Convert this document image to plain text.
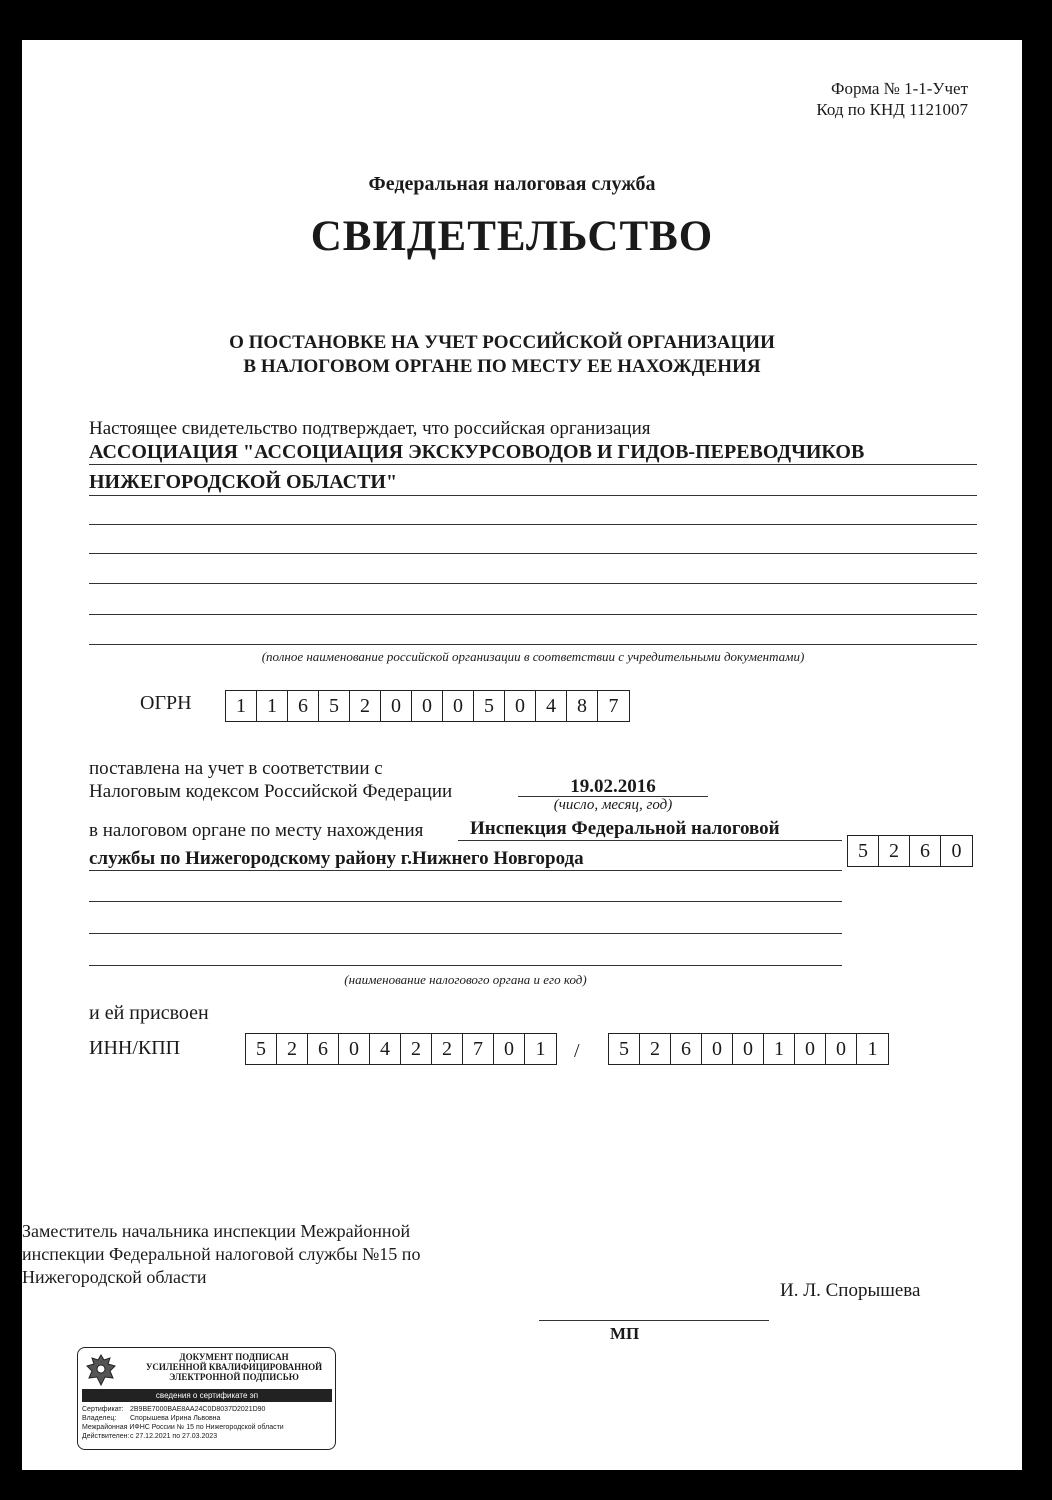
Форма № 1-1-Учет
Код по КНД 1121007
Федеральная налоговая служба
СВИДЕТЕЛЬСТВО
О ПОСТАНОВКЕ НА УЧЕТ РОССИЙСКОЙ ОРГАНИЗАЦИИ
В НАЛОГОВОМ ОРГАНЕ ПО МЕСТУ ЕЕ НАХОЖДЕНИЯ
Настоящее свидетельство подтверждает, что российская организация
АССОЦИАЦИЯ "АССОЦИАЦИЯ ЭКСКУРСОВОДОВ И ГИДОВ-ПЕРЕВОДЧИКОВ
НИЖЕГОРОДСКОЙ ОБЛАСТИ"
(полное наименование российской организации в соответствии с учредительными документами)
ОГРН	1	1	6	5	2	0	0	0	5	0	4	8	7
поставлена на учет в соответствии с
Налоговым кодексом Российской Федерации	19.02.2016
(число, месяц, год)
в налоговом органе по месту нахождения Инспекция Федеральной налоговой
службы по Нижегородскому району г.Нижнего Новгорода	5	2	6	0
(наименование налогового органа и его код)
и ей присвоен
ИНН/КПП	5	2	6	0	4	2	2	7	0	1	/	5	2	6	0	0	1	0	0	1
Заместитель начальника инспекции Межрайонной
инспекции Федеральной налоговой службы №15 по
Нижегородской области
И. Л. Спорышева
МП
ДОКУМЕНТ ПОДПИСАН
УСИЛЕННОЙ КВАЛИФИЦИРОВАННОЙ
ЭЛЕКТРОННОЙ ПОДПИСЬЮ
сведения о сертификате эп
Сертификат: 2B9BE7000BAE8AA24C0D8037D2021D90
Владелец: Спорышева Ирина Львовна
Межрайонная ИФНС России № 15 по Нижегородской области
Действителен:с 27.12.2021 по 27.03.2023
